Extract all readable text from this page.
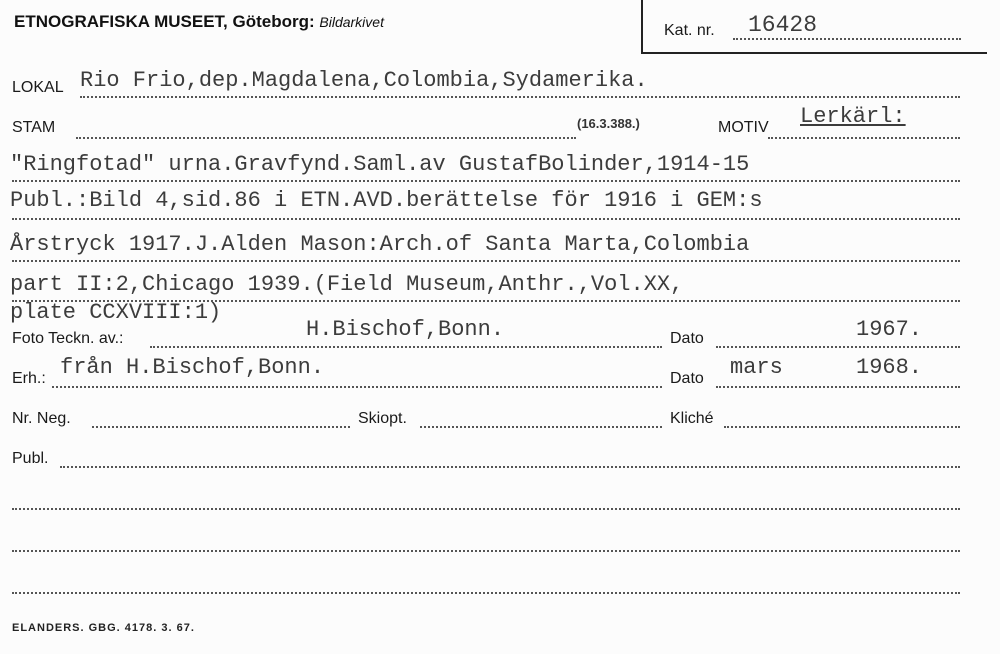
ETNOGRAFISKA MUSEET, Göteborg: Bildarkivet	Kat. nr. 16428
LOKAL Rio Frio,dep.Magdalena,Colombia,Sydamerika.
STAM	(16.3.388.)	MOTIV Lerkärl:
"Ringfotad" urna.Gravfynd.Saml.av GustafBolinder,1914-15
Publ.:Bild 4,sid.86 i ETN.AVD.berättelse för 1916 i GEM:s
Årstryck 1917.J.Alden Mason:Arch.of Santa Marta,Colombia
part II:2,Chicago 1939.(Field Museum,Anthr.,Vol.XX,
plate CCXVIII:1)
Foto Teckn. av.:	H.Bischof,Bonn.	Dato	1967.
Erh.: från H.Bischof,Bonn.	Dato mars	1968.
Nr. Neg.	Skiopt.	Kliché
Publ.
ELANDERS. GBG. 4178. 3. 67.
